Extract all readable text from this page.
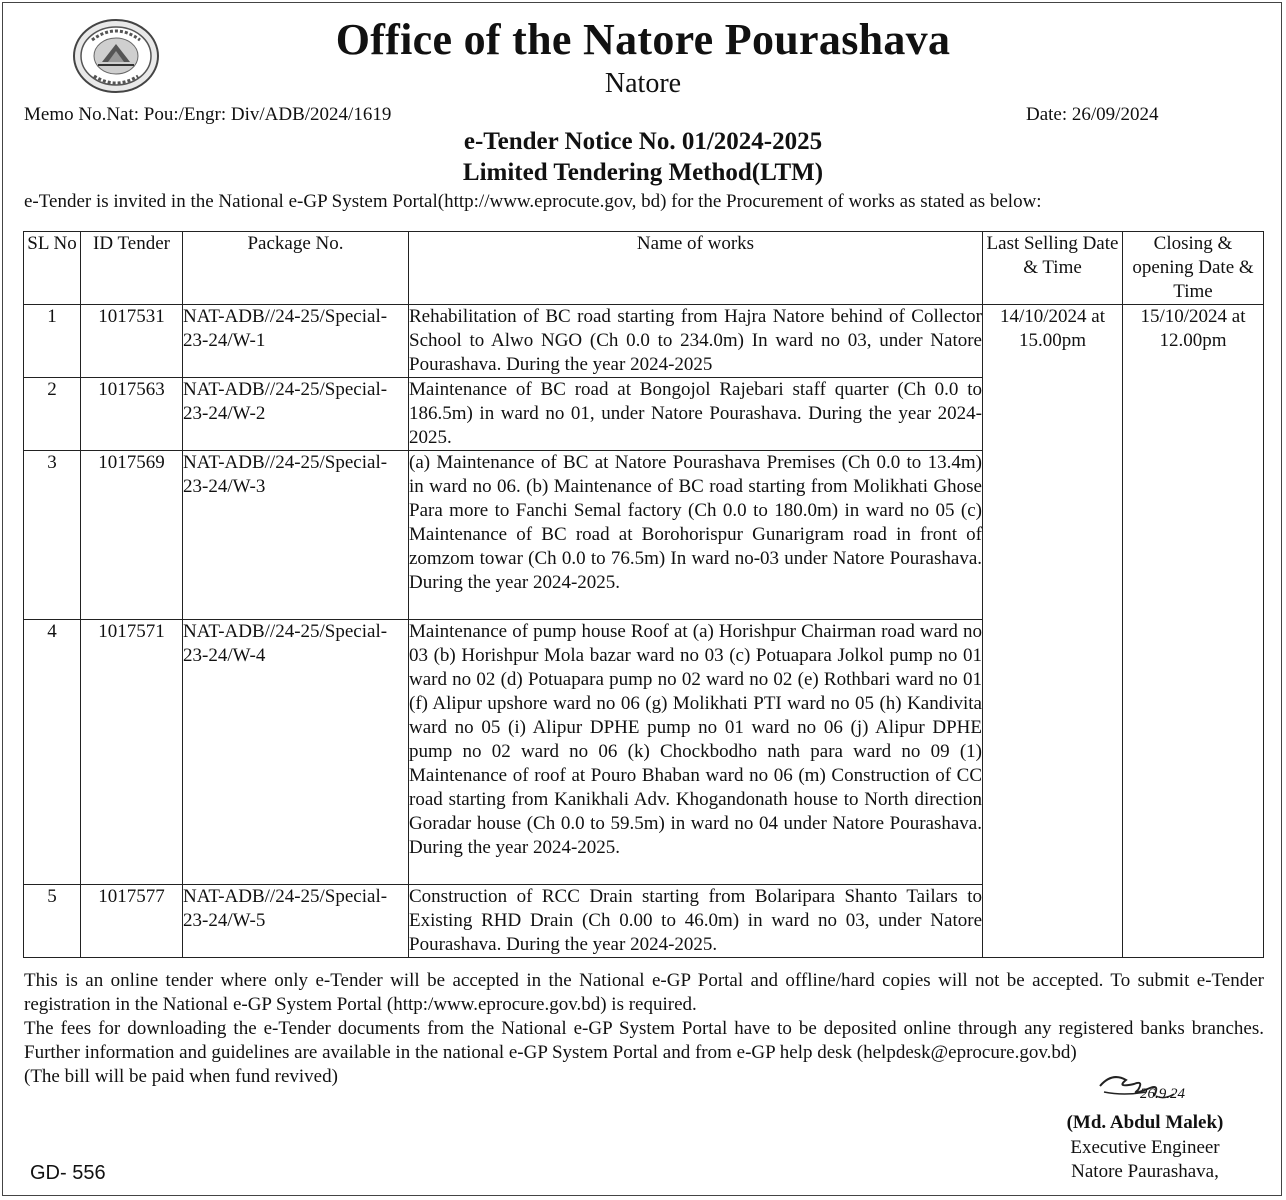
Office of the Natore Pourashava
Natore
Memo No.Nat: Pou:/Engr: Div/ADB/2024/1619	Date: 26/09/2024
e-Tender Notice No. 01/2024-2025
Limited Tendering Method(LTM)
e-Tender is invited in the National e-GP System Portal(http://www.eprocute.gov, bd) for the Procurement of works as stated as below:
SL No	ID Tender	Package No.	Name of works	Last Selling Date & Time	Closing & opening Date & Time
1	1017531	NAT-ADB//24-25/Special-23-24/W-1	Rehabilitation of BC road starting from Hajra Natore behind of Collector School to Alwo NGO (Ch 0.0 to 234.0m) In ward no 03, under Natore Pourashava. During the year 2024-2025	14/10/2024 at 15.00pm	15/10/2024 at 12.00pm
2	1017563	NAT-ADB//24-25/Special-23-24/W-2	Maintenance of BC road at Bongojol Rajebari staff quarter (Ch 0.0 to 186.5m) in ward no 01, under Natore Pourashava. During the year 2024-2025.		
3	1017569	NAT-ADB//24-25/Special-23-24/W-3	(a) Maintenance of BC at Natore Pourashava Premises (Ch 0.0 to 13.4m) in ward no 06. (b) Maintenance of BC road starting from Molikhati Ghose Para more to Fanchi Semal factory (Ch 0.0 to 180.0m) in ward no 05 (c) Maintenance of BC road at Borohorispur Gunarigram road in front of zomzom towar (Ch 0.0 to 76.5m) In ward no-03 under Natore Pourashava. During the year 2024-2025.		
4	1017571	NAT-ADB//24-25/Special-23-24/W-4	Maintenance of pump house Roof at (a) Horishpur Chairman road ward no 03 (b) Horishpur Mola bazar ward no 03 (c) Potuapara Jolkol pump no 01 ward no 02 (d) Potuapara pump no 02 ward no 02 (e) Rothbari ward no 01 (f) Alipur upshore ward no 06 (g) Molikhati PTI ward no 05 (h) Kandivita ward no 05 (i) Alipur DPHE pump no 01 ward no 06 (j) Alipur DPHE pump no 02 ward no 06 (k) Chockbodho nath para ward no 09 (1) Maintenance of roof at Pouro Bhaban ward no 06 (m) Construction of CC road starting from Kanikhali Adv. Khogandonath house to North direction Goradar house (Ch 0.0 to 59.5m) in ward no 04 under Natore Pourashava. During the year 2024-2025.		
5	1017577	NAT-ADB//24-25/Special-23-24/W-5	Construction of RCC Drain starting from Bolaripara Shanto Tailars to Existing RHD Drain (Ch 0.00 to 46.0m) in ward no 03, under Natore Pourashava. During the year 2024-2025.		

This is an online tender where only e-Tender will be accepted in the National e-GP Portal and offline/hard copies will not be accepted. To submit e-Tender registration in the National e-GP System Portal (http:/www.eprocure.gov.bd) is required.

The fees for downloading the e-Tender documents from the National e-GP System Portal have to be deposited online through any registered banks branches. Further information and guidelines are available in the national e-GP System Portal and from e-GP help desk (helpdesk@eprocure.gov.bd)

(The bill will be paid when fund revived)

26.9.24
(Md. Abdul Malek)
Executive Engineer
Natore Paurashava,
GD- 556
